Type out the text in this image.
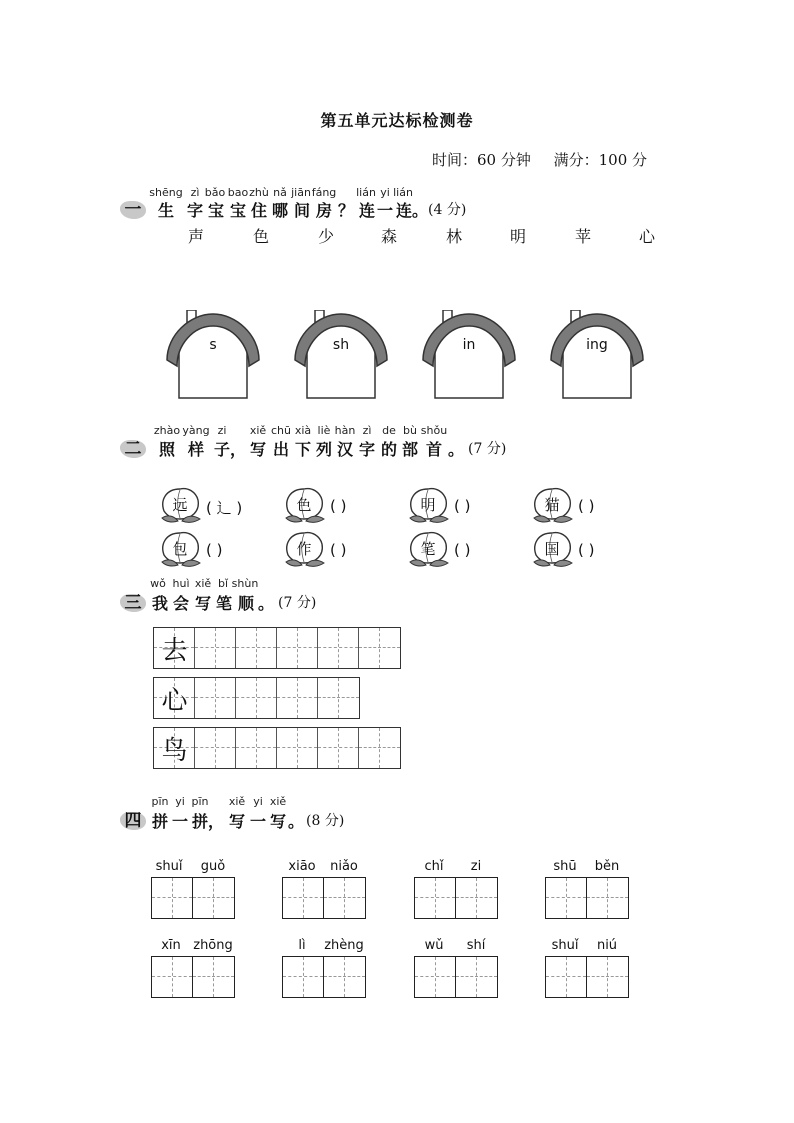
第五单元达标检测卷
时间：60 分钟 满分：100 分
一
shēng zì bǎo bao zhù nǎ jiān fáng lián yi lián
生 字 宝 宝 住 哪 间 房 ？ 连 一 连 。 (4 分)
声	色	少	森	林	明	苹	心
s	sh	in	ing
二
zhào yàng zi xiě chū xià liè hàn zì de bù shǒu
照 样 子 ， 写 出 下 列 汉 字 的 部 首 。 (7 分)
远	( 辶 )	色	( )	明	( )	猫	( )
包	( )	作	( )	笔	( )	国	( )
三
wǒ huì xiě bǐ shùn
我 会 写 笔 顺 。 (7 分)
去
心
鸟
四
pīn yi pīn xiě yi xiě
拼 一 拼 ， 写 一 写 。 (8 分)
shuǐ guǒ	xiāo niǎo	chǐ zi	shū běn
xīn zhōng	lì zhèng	wǔ shí	shuǐ niú
